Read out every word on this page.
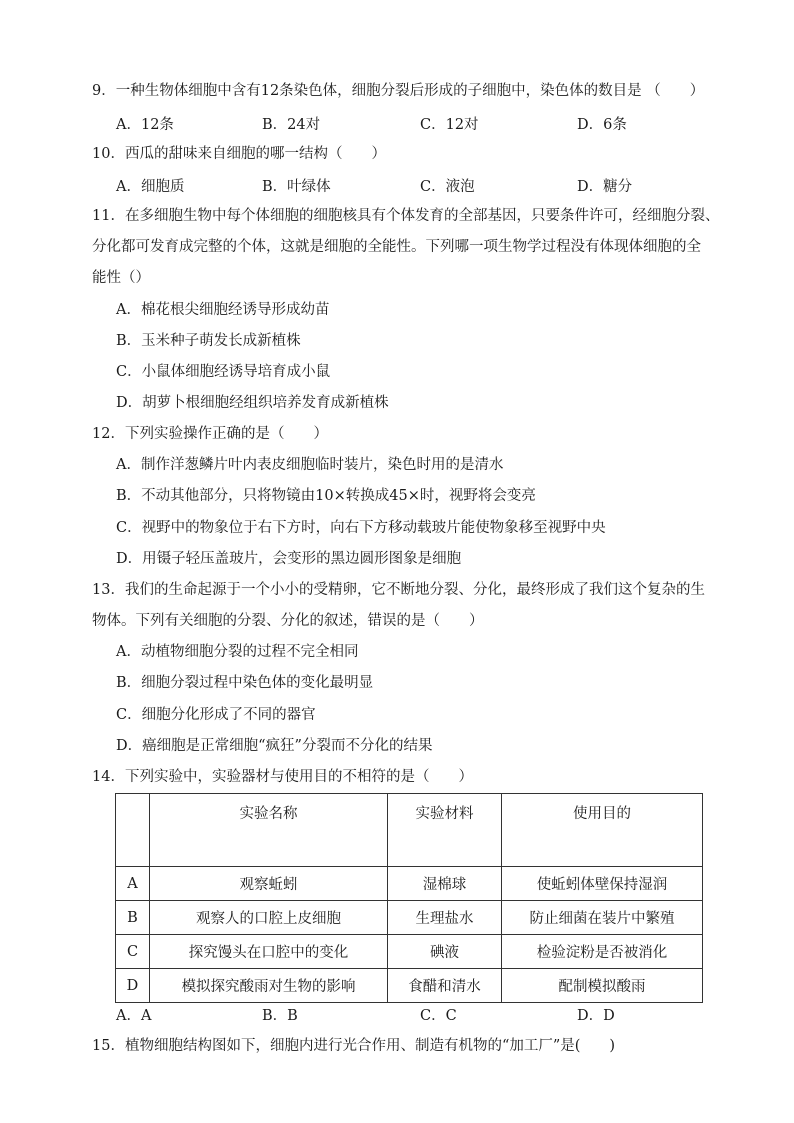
9．一种生物体细胞中含有12条染色体，细胞分裂后形成的子细胞中，染色体的数目是 （　　）
A．12条	B．24对	C．12对	D．6条
10．西瓜的甜味来自细胞的哪一结构（　　）
A．细胞质	B．叶绿体	C．液泡	D．糖分
11．在多细胞生物中每个体细胞的细胞核具有个体发育的全部基因，只要条件许可，经细胞分裂、
分化都可发育成完整的个体，这就是细胞的全能性。下列哪一项生物学过程没有体现体细胞的全
能性（）
A．棉花根尖细胞经诱导形成幼苗
B．玉米种子萌发长成新植株
C．小鼠体细胞经诱导培育成小鼠
D．胡萝卜根细胞经组织培养发育成新植株
12．下列实验操作正确的是（　　）
A．制作洋葱鳞片叶内表皮细胞临时装片，染色时用的是清水
B．不动其他部分，只将物镜由10×转换成45×时，视野将会变亮
C．视野中的物象位于右下方时，向右下方移动载玻片能使物象移至视野中央
D．用镊子轻压盖玻片，会变形的黑边圆形图象是细胞
13．我们的生命起源于一个小小的受精卵，它不断地分裂、分化，最终形成了我们这个复杂的生
物体。下列有关细胞的分裂、分化的叙述，错误的是（　　）
A．动植物细胞分裂的过程不完全相同
B．细胞分裂过程中染色体的变化最明显
C．细胞分化形成了不同的器官
D．癌细胞是正常细胞“疯狂”分裂而不分化的结果
14．下列实验中，实验器材与使用目的不相符的是（　　）
	实验名称	实验材料	使用目的
A	观察蚯蚓	湿棉球	使蚯蚓体壁保持湿润
B	观察人的口腔上皮细胞	生理盐水	防止细菌在装片中繁殖
C	探究馒头在口腔中的变化	碘液	检验淀粉是否被消化
D	模拟探究酸雨对生物的影响	食醋和清水	配制模拟酸雨
A．A	B．B	C．C	D．D
15．植物细胞结构图如下，细胞内进行光合作用、制造有机物的“加工厂”是(　　)
